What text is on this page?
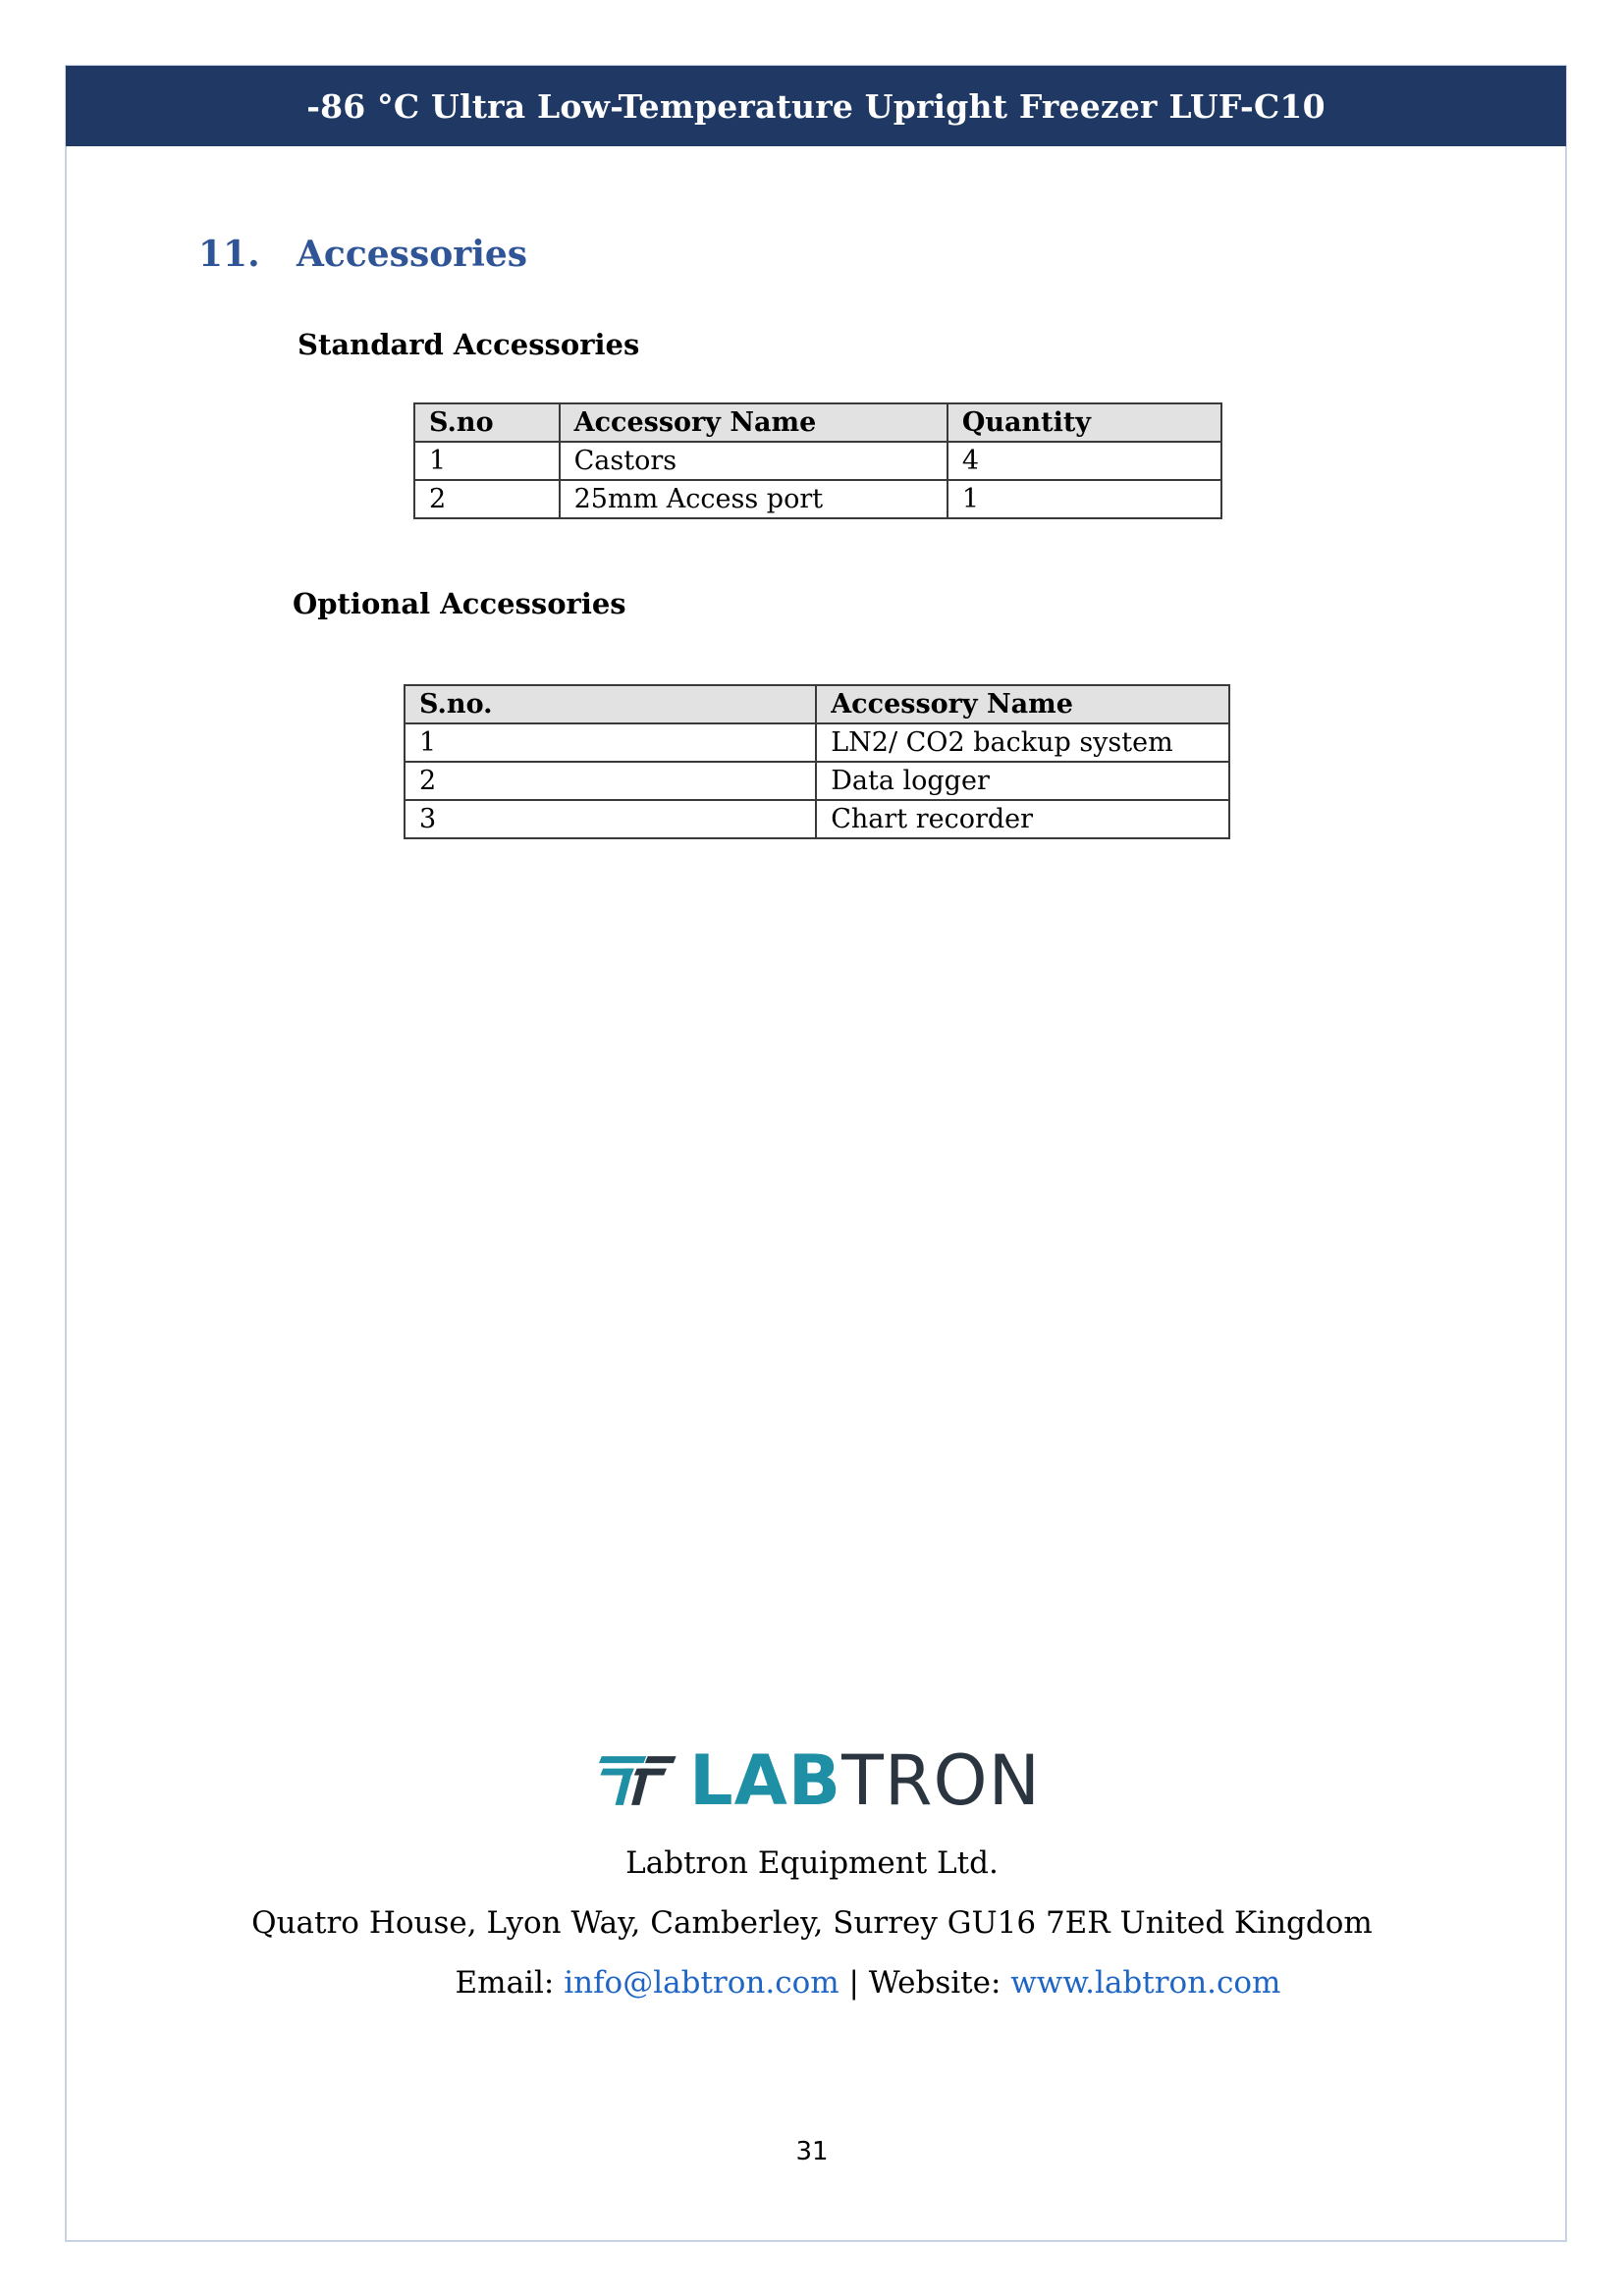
-86 °C Ultra Low-Temperature Upright Freezer LUF-C10
11. Accessories
Standard Accessories
S.no	Accessory Name	Quantity
1	Castors	4
2	25mm Access port	1
Optional Accessories
S.no.	Accessory Name
1	LN2/ CO2 backup system
2	Data logger
3	Chart recorder
LABTRON
Labtron Equipment Ltd.
Quatro House, Lyon Way, Camberley, Surrey GU16 7ER United Kingdom
Email: info@labtron.com | Website: www.labtron.com
31
